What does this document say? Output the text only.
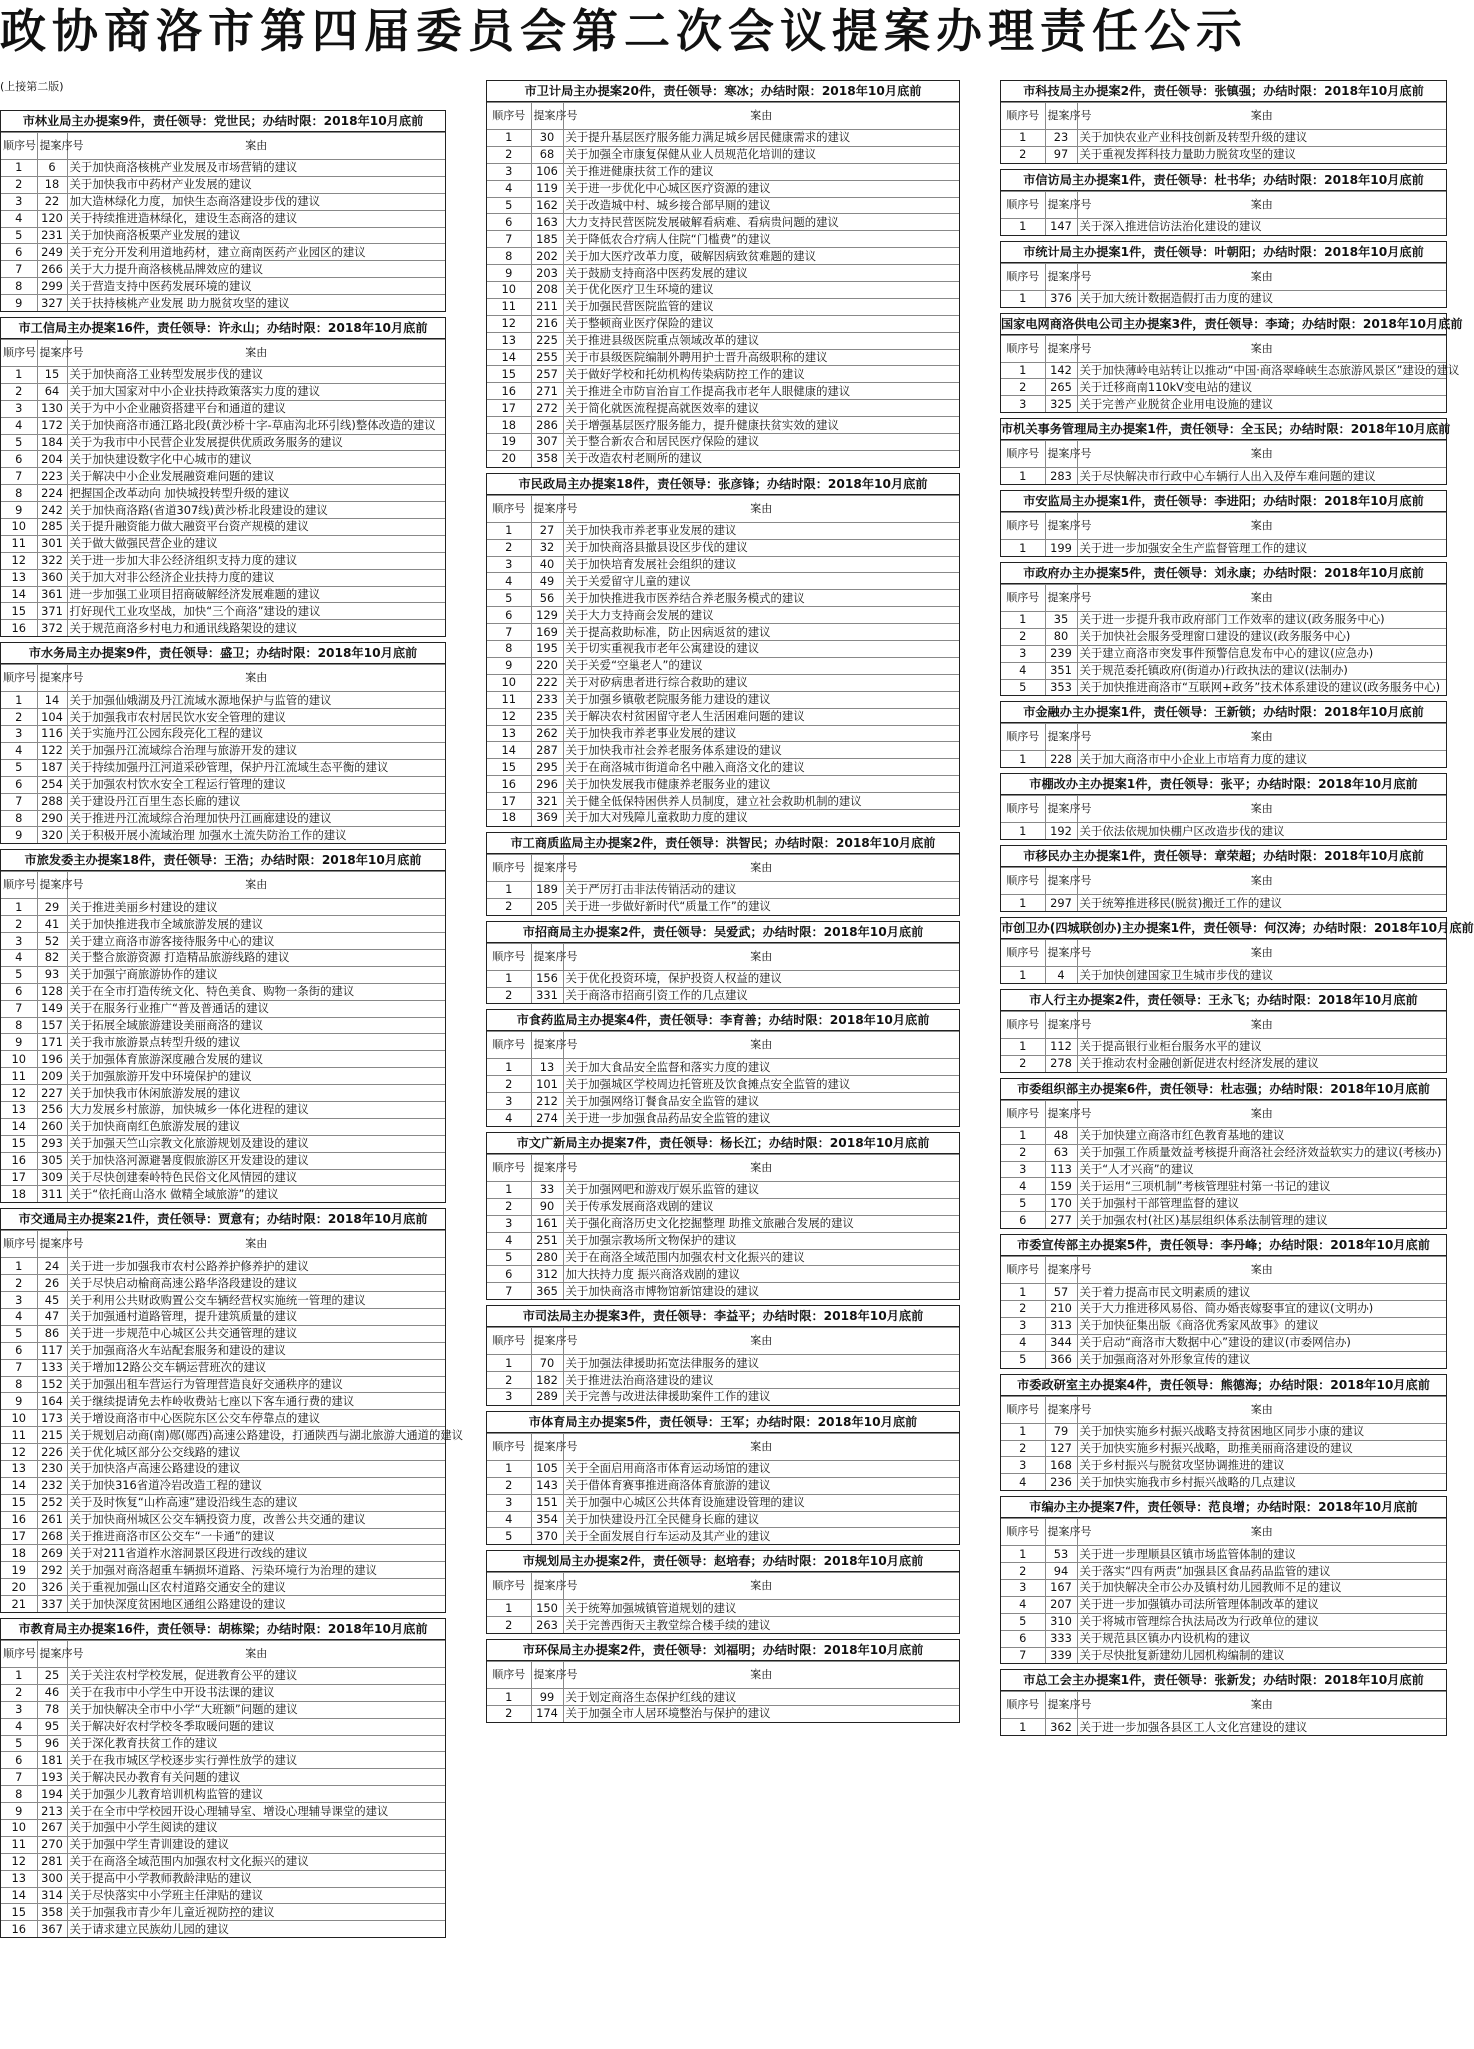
政协商洛市第四届委员会第二次会议提案办理责任公示
(上接第二版)
市林业局主办提案9件，责任领导：党世民；办结时限：2018年10月底前
顺序号	提案序号	案由
1	6	关于加快商洛核桃产业发展及市场营销的建议
2	18	关于加快我市中药材产业发展的建议
3	22	加大造林绿化力度，加快生态商洛建设步伐的建议
4	120	关于持续推进造林绿化，建设生态商洛的建议
5	231	关于加快商洛板栗产业发展的建议
6	249	关于充分开发利用道地药材，建立商南医药产业园区的建议
7	266	关于大力提升商洛核桃品牌效应的建议
8	299	关于营造支持中医药发展环境的建议
9	327	关于扶持核桃产业发展 助力脱贫攻坚的建议
市工信局主办提案16件，责任领导：许永山；办结时限：2018年10月底前
顺序号	提案序号	案由
1	15	关于加快商洛工业转型发展步伐的建议
2	64	关于加大国家对中小企业扶持政策落实力度的建议
3	130	关于为中小企业融资搭建平台和通道的建议
4	172	关于加快商洛市通江路北段(黄沙桥十字-草庙沟北环引线)整体改造的建议
5	184	关于为我市中小民营企业发展提供优质政务服务的建议
6	204	关于加快建设数字化中心城市的建议
7	223	关于解决中小企业发展融资难问题的建议
8	224	把握国企改革动向 加快城投转型升级的建议
9	242	关于加快商洛路(省道307线)黄沙桥北段建设的建议
10	285	关于提升融资能力做大融资平台资产规模的建议
11	301	关于做大做强民营企业的建议
12	322	关于进一步加大非公经济组织支持力度的建议
13	360	关于加大对非公经济企业扶持力度的建议
14	361	进一步加强工业项目招商破解经济发展难题的建议
15	371	打好现代工业攻坚战，加快“三个商洛”建设的建议
16	372	关于规范商洛乡村电力和通讯线路架设的建议
市水务局主办提案9件，责任领导：盛卫；办结时限：2018年10月底前
顺序号	提案序号	案由
1	14	关于加强仙娥湖及丹江流域水源地保护与监管的建议
2	104	关于加强我市农村居民饮水安全管理的建议
3	116	关于实施丹江公园东段亮化工程的建议
4	122	关于加强丹江流域综合治理与旅游开发的建议
5	187	关于持续加强丹江河道采砂管理，保护丹江流域生态平衡的建议
6	254	关于加强农村饮水安全工程运行管理的建议
7	288	关于建设丹江百里生态长廊的建议
8	290	关于推进丹江流域综合治理加快丹江画廊建设的建议
9	320	关于积极开展小流域治理 加强水土流失防治工作的建议
市旅发委主办提案18件，责任领导：王浩；办结时限：2018年10月底前
顺序号	提案序号	案由
1	29	关于推进美丽乡村建设的建议
2	41	关于加快推进我市全域旅游发展的建议
3	52	关于建立商洛市游客接待服务中心的建议
4	82	关于整合旅游资源 打造精品旅游线路的建议
5	93	关于加强宁商旅游协作的建议
6	128	关于在全市打造传统文化、特色美食、购物一条街的建议
7	149	关于在服务行业推广“普及普通话的建议
8	157	关于拓展全域旅游建设美丽商洛的建议
9	171	关于我市旅游景点转型升级的建议
10	196	关于加强体育旅游深度融合发展的建议
11	209	关于加强旅游开发中环境保护的建议
12	227	关于加快我市休闲旅游发展的建议
13	256	大力发展乡村旅游，加快城乡一体化进程的建议
14	260	关于加快商南红色旅游发展的建议
15	293	关于加强天竺山宗教文化旅游规划及建设的建议
16	305	关于加快洛河源避暑度假旅游区开发建设的建议
17	309	关于尽快创建秦岭特色民俗文化风情园的建议
18	311	关于“依托商山洛水 做精全域旅游”的建议
市交通局主办提案21件，责任领导：贾意有；办结时限：2018年10月底前
顺序号	提案序号	案由
1	24	关于进一步加强我市农村公路养护修养护的建议
2	26	关于尽快启动榆商高速公路华洛段建设的建议
3	45	关于利用公共财政购置公交车辆经营权实施统一管理的建议
4	47	关于加强通村道路管理，提升建筑质量的建议
5	86	关于进一步规范中心城区公共交通管理的建议
6	117	关于加强商洛火车站配套服务和建设的建议
7	133	关于增加12路公交车辆运营班次的建议
8	152	关于加强出租车营运行为管理营造良好交通秩序的建议
9	164	关于继续提请免去柞岭收费站七座以下客车通行费的建议
10	173	关于增设商洛市中心医院东区公交车停靠点的建议
11	215	关于规划启动商(南)郧(郧西)高速公路建设，打通陕西与湖北旅游大通道的建议
12	226	关于优化城区部分公交线路的建议
13	230	关于加快洛卢高速公路建设的建议
14	232	关于加快316省道冷岩改造工程的建议
15	252	关于及时恢复“山柞高速”建设沿线生态的建议
16	261	关于加快商州城区公交车辆投资力度，改善公共交通的建议
17	268	关于推进商洛市区公交车“一卡通”的建议
18	269	关于对211省道柞水溶洞景区段进行改线的建议
19	292	关于加强对商洛超重车辆损坏道路、污染环境行为治理的建议
20	326	关于重视加强山区农村道路交通安全的建议
21	337	关于加快深度贫困地区通组公路建设的建议
市教育局主办提案16件，责任领导：胡栋梁；办结时限：2018年10月底前
顺序号	提案序号	案由
1	25	关于关注农村学校发展，促进教育公平的建议
2	46	关于在我市中小学生中开设书法课的建议
3	78	关于加快解决全市中小学“大班额”问题的建议
4	95	关于解决好农村学校冬季取暖问题的建议
5	96	关于深化教育扶贫工作的建议
6	181	关于在我市城区学校逐步实行弹性放学的建议
7	193	关于解决民办教育有关问题的建议
8	194	关于加强少儿教育培训机构监管的建议
9	213	关于在全市中学校园开设心理辅导室、增设心理辅导课堂的建议
10	267	关于加强中小学生阅读的建议
11	270	关于加强中学生青训建设的建议
12	281	关于在商洛全域范围内加强农村文化振兴的建议
13	300	关于提高中小学教师教龄津贴的建议
14	314	关于尽快落实中小学班主任津贴的建议
15	358	关于加强我市青少年儿童近视防控的建议
16	367	关于请求建立民族幼儿园的建议
市卫计局主办提案20件，责任领导：寒冰；办结时限：2018年10月底前
顺序号	提案序号	案由
1	30	关于提升基层医疗服务能力满足城乡居民健康需求的建议
2	68	关于加强全市康复保健从业人员规范化培训的建议
3	106	关于推进健康扶贫工作的建议
4	119	关于进一步优化中心城区医疗资源的建议
5	162	关于改造城中村、城乡接合部早厕的建议
6	163	大力支持民营医院发展破解看病难、看病贵问题的建议
7	185	关于降低农合疗病人住院“门槛费”的建议
8	202	关于加大医疗改革力度，破解因病致贫难题的建议
9	203	关于鼓励支持商洛中医药发展的建议
10	208	关于优化医疗卫生环境的建议
11	211	关于加强民营医院监管的建议
12	216	关于整顿商业医疗保险的建议
13	225	关于推进县级医院重点领域改革的建议
14	255	关于市县级医院编制外聘用护士晋升高级职称的建议
15	257	关于做好学校和托幼机构传染病防控工作的建议
16	271	关于推进全市防盲治盲工作提高我市老年人眼健康的建议
17	272	关于简化就医流程提高就医效率的建议
18	286	关于增强基层医疗服务能力，提升健康扶贫实效的建议
19	307	关于整合新农合和居民医疗保险的建议
20	358	关于改造农村老厕所的建议
市民政局主办提案18件，责任领导：张彦锋；办结时限：2018年10月底前
顺序号	提案序号	案由
1	27	关于加快我市养老事业发展的建议
2	32	关于加快商洛县撤县设区步伐的建议
3	40	关于加快培育发展社会组织的建议
4	49	关于关爱留守儿童的建议
5	56	关于加快推进我市医养结合养老服务模式的建议
6	129	关于大力支持商会发展的建议
7	169	关于提高救助标准，防止因病返贫的建议
8	195	关于切实重视我市老年公寓建设的建议
9	220	关于关爱“空巢老人”的建议
10	222	关于对矽病患者进行综合救助的建议
11	233	关于加强乡镇敬老院服务能力建设的建议
12	235	关于解决农村贫困留守老人生活困难问题的建议
13	262	关于加快我市养老事业发展的建议
14	287	关于加快我市社会养老服务体系建设的建议
15	295	关于在商洛城市街道命名中融入商洛文化的建议
16	296	关于加快发展我市健康养老服务业的建议
17	321	关于健全低保特困供养人员制度，建立社会救助机制的建议
18	369	关于加大对残障儿童救助力度的建议
市工商质监局主办提案2件，责任领导：洪智民；办结时限：2018年10月底前
顺序号	提案序号	案由
1	189	关于严厉打击非法传销活动的建议
2	205	关于进一步做好新时代“质量工作”的建议
市招商局主办提案2件，责任领导：吴爱武；办结时限：2018年10月底前
顺序号	提案序号	案由
1	156	关于优化投资环境，保护投资人权益的建议
2	331	关于商洛市招商引资工作的几点建议
市食药监局主办提案4件，责任领导：李育善；办结时限：2018年10月底前
顺序号	提案序号	案由
1	13	关于加大食品安全监督和落实力度的建议
2	101	关于加强城区学校周边托管班及饮食摊点安全监管的建议
3	212	关于加强网络订餐食品安全监管的建议
4	274	关于进一步加强食品药品安全监管的建议
市文广新局主办提案7件，责任领导：杨长江；办结时限：2018年10月底前
顺序号	提案序号	案由
1	33	关于加强网吧和游戏厅娱乐监管的建议
2	90	关于传承发展商洛戏剧的建议
3	161	关于强化商洛历史文化挖掘整理 助推文旅融合发展的建议
4	251	关于加强宗教场所文物保护的建议
5	280	关于在商洛全域范围内加强农村文化振兴的建议
6	312	加大扶持力度 振兴商洛戏剧的建议
7	365	关于加快商洛市博物馆新馆建设的建议
市司法局主办提案3件，责任领导：李益平；办结时限：2018年10月底前
顺序号	提案序号	案由
1	70	关于加强法律援助拓宽法律服务的建议
2	182	关于推进法治商洛建设的建议
3	289	关于完善与改进法律援助案件工作的建议
市体育局主办提案5件，责任领导：王军；办结时限：2018年10月底前
顺序号	提案序号	案由
1	105	关于全面启用商洛市体育运动场馆的建议
2	143	关于借体育赛事推进商洛体育旅游的建议
3	151	关于加强中心城区公共体育设施建设管理的建议
4	354	关于加快建设丹江全民健身长廊的建议
5	370	关于全面发展自行车运动及其产业的建议
市规划局主办提案2件，责任领导：赵培春；办结时限：2018年10月底前
顺序号	提案序号	案由
1	150	关于统筹加强城镇管道规划的建议
2	263	关于完善西街天主教堂综合楼手续的建议
市环保局主办提案2件，责任领导：刘福明；办结时限：2018年10月底前
顺序号	提案序号	案由
1	99	关于划定商洛生态保护红线的建议
2	174	关于加强全市人居环境整治与保护的建议
市科技局主办提案2件，责任领导：张镇强；办结时限：2018年10月底前
顺序号	提案序号	案由
1	23	关于加快农业产业科技创新及转型升级的建议
2	97	关于重视发挥科技力量助力脱贫攻坚的建议
市信访局主办提案1件，责任领导：杜书华；办结时限：2018年10月底前
顺序号	提案序号	案由
1	147	关于深入推进信访法治化建设的建议
市统计局主办提案1件，责任领导：叶朝阳；办结时限：2018年10月底前
顺序号	提案序号	案由
1	376	关于加大统计数据造假打击力度的建议
国家电网商洛供电公司主办提案3件，责任领导：李琦；办结时限：2018年10月底前
顺序号	提案序号	案由
1	142	关于加快薄岭电站转让以推动“中国·商洛翠峰峡生态旅游风景区”建设的建议
2	265	关于迁移商南110kV变电站的建议
3	325	关于完善产业脱贫企业用电设施的建议
市机关事务管理局主办提案1件，责任领导：全玉民；办结时限：2018年10月底前
顺序号	提案序号	案由
1	283	关于尽快解决市行政中心车辆行人出入及停车难问题的建议
市安监局主办提案1件，责任领导：李进阳；办结时限：2018年10月底前
顺序号	提案序号	案由
1	199	关于进一步加强安全生产监督管理工作的建议
市政府办主办提案5件，责任领导：刘永康；办结时限：2018年10月底前
顺序号	提案序号	案由
1	35	关于进一步提升我市政府部门工作效率的建议(政务服务中心)
2	80	关于加快社会服务受理窗口建设的建议(政务服务中心)
3	239	关于建立商洛市突发事件预警信息发布中心的建议(应急办)
4	351	关于规范委托镇政府(街道办)行政执法的建议(法制办)
5	353	关于加快推进商洛市“互联网+政务”技术体系建设的建议(政务服务中心)
市金融办主办提案1件，责任领导：王新锁；办结时限：2018年10月底前
顺序号	提案序号	案由
1	228	关于加大商洛市中小企业上市培育力度的建议
市棚改办主办提案1件，责任领导：张平；办结时限：2018年10月底前
顺序号	提案序号	案由
1	192	关于依法依规加快棚户区改造步伐的建议
市移民办主办提案1件，责任领导：章荣超；办结时限：2018年10月底前
顺序号	提案序号	案由
1	297	关于统筹推进移民(脱贫)搬迁工作的建议
市创卫办(四城联创办)主办提案1件，责任领导：何汉涛；办结时限：2018年10月底前
顺序号	提案序号	案由
1	4	关于加快创建国家卫生城市步伐的建议
市人行主办提案2件，责任领导：王永飞；办结时限：2018年10月底前
顺序号	提案序号	案由
1	112	关于提高银行业柜台服务水平的建议
2	278	关于推动农村金融创新促进农村经济发展的建议
市委组织部主办提案6件，责任领导：杜志强；办结时限：2018年10月底前
顺序号	提案序号	案由
1	48	关于加快建立商洛市红色教育基地的建议
2	63	关于加强工作质量效益考核提升商洛社会经济效益软实力的建议(考核办)
3	113	关于“人才兴商”的建议
4	159	关于运用“三项机制”考核管理驻村第一书记的建议
5	170	关于加强村干部管理监督的建议
6	277	关于加强农村(社区)基层组织体系法制管理的建议
市委宣传部主办提案5件，责任领导：李丹峰；办结时限：2018年10月底前
顺序号	提案序号	案由
1	57	关于着力提高市民文明素质的建议
2	210	关于大力推进移风易俗、简办婚丧嫁娶事宜的建议(文明办)
3	313	关于加快征集出版《商洛优秀家风故事》的建议
4	344	关于启动“商洛市大数据中心”建设的建议(市委网信办)
5	366	关于加强商洛对外形象宣传的建议
市委政研室主办提案4件，责任领导：熊德海；办结时限：2018年10月底前
顺序号	提案序号	案由
1	79	关于加快实施乡村振兴战略支持贫困地区同步小康的建议
2	127	关于加快实施乡村振兴战略，助推美丽商洛建设的建议
3	168	关于乡村振兴与脱贫攻坚协调推进的建议
4	236	关于加快实施我市乡村振兴战略的几点建议
市编办主办提案7件，责任领导：范良增；办结时限：2018年10月底前
顺序号	提案序号	案由
1	53	关于进一步理顺县区镇市场监管体制的建议
2	94	关于落实“四有两责”加强县区食品药品监管的建议
3	167	关于加快解决全市公办及镇村幼儿园教师不足的建议
4	207	关于进一步加强镇办司法所管理体制改革的建议
5	310	关于将城市管理综合执法局改为行政单位的建议
6	333	关于规范县区镇办内设机构的建议
7	339	关于尽快批复新建幼儿园机构编制的建议
市总工会主办提案1件，责任领导：张新发；办结时限：2018年10月底前
顺序号	提案序号	案由
1	362	关于进一步加强各县区工人文化宫建设的建议
